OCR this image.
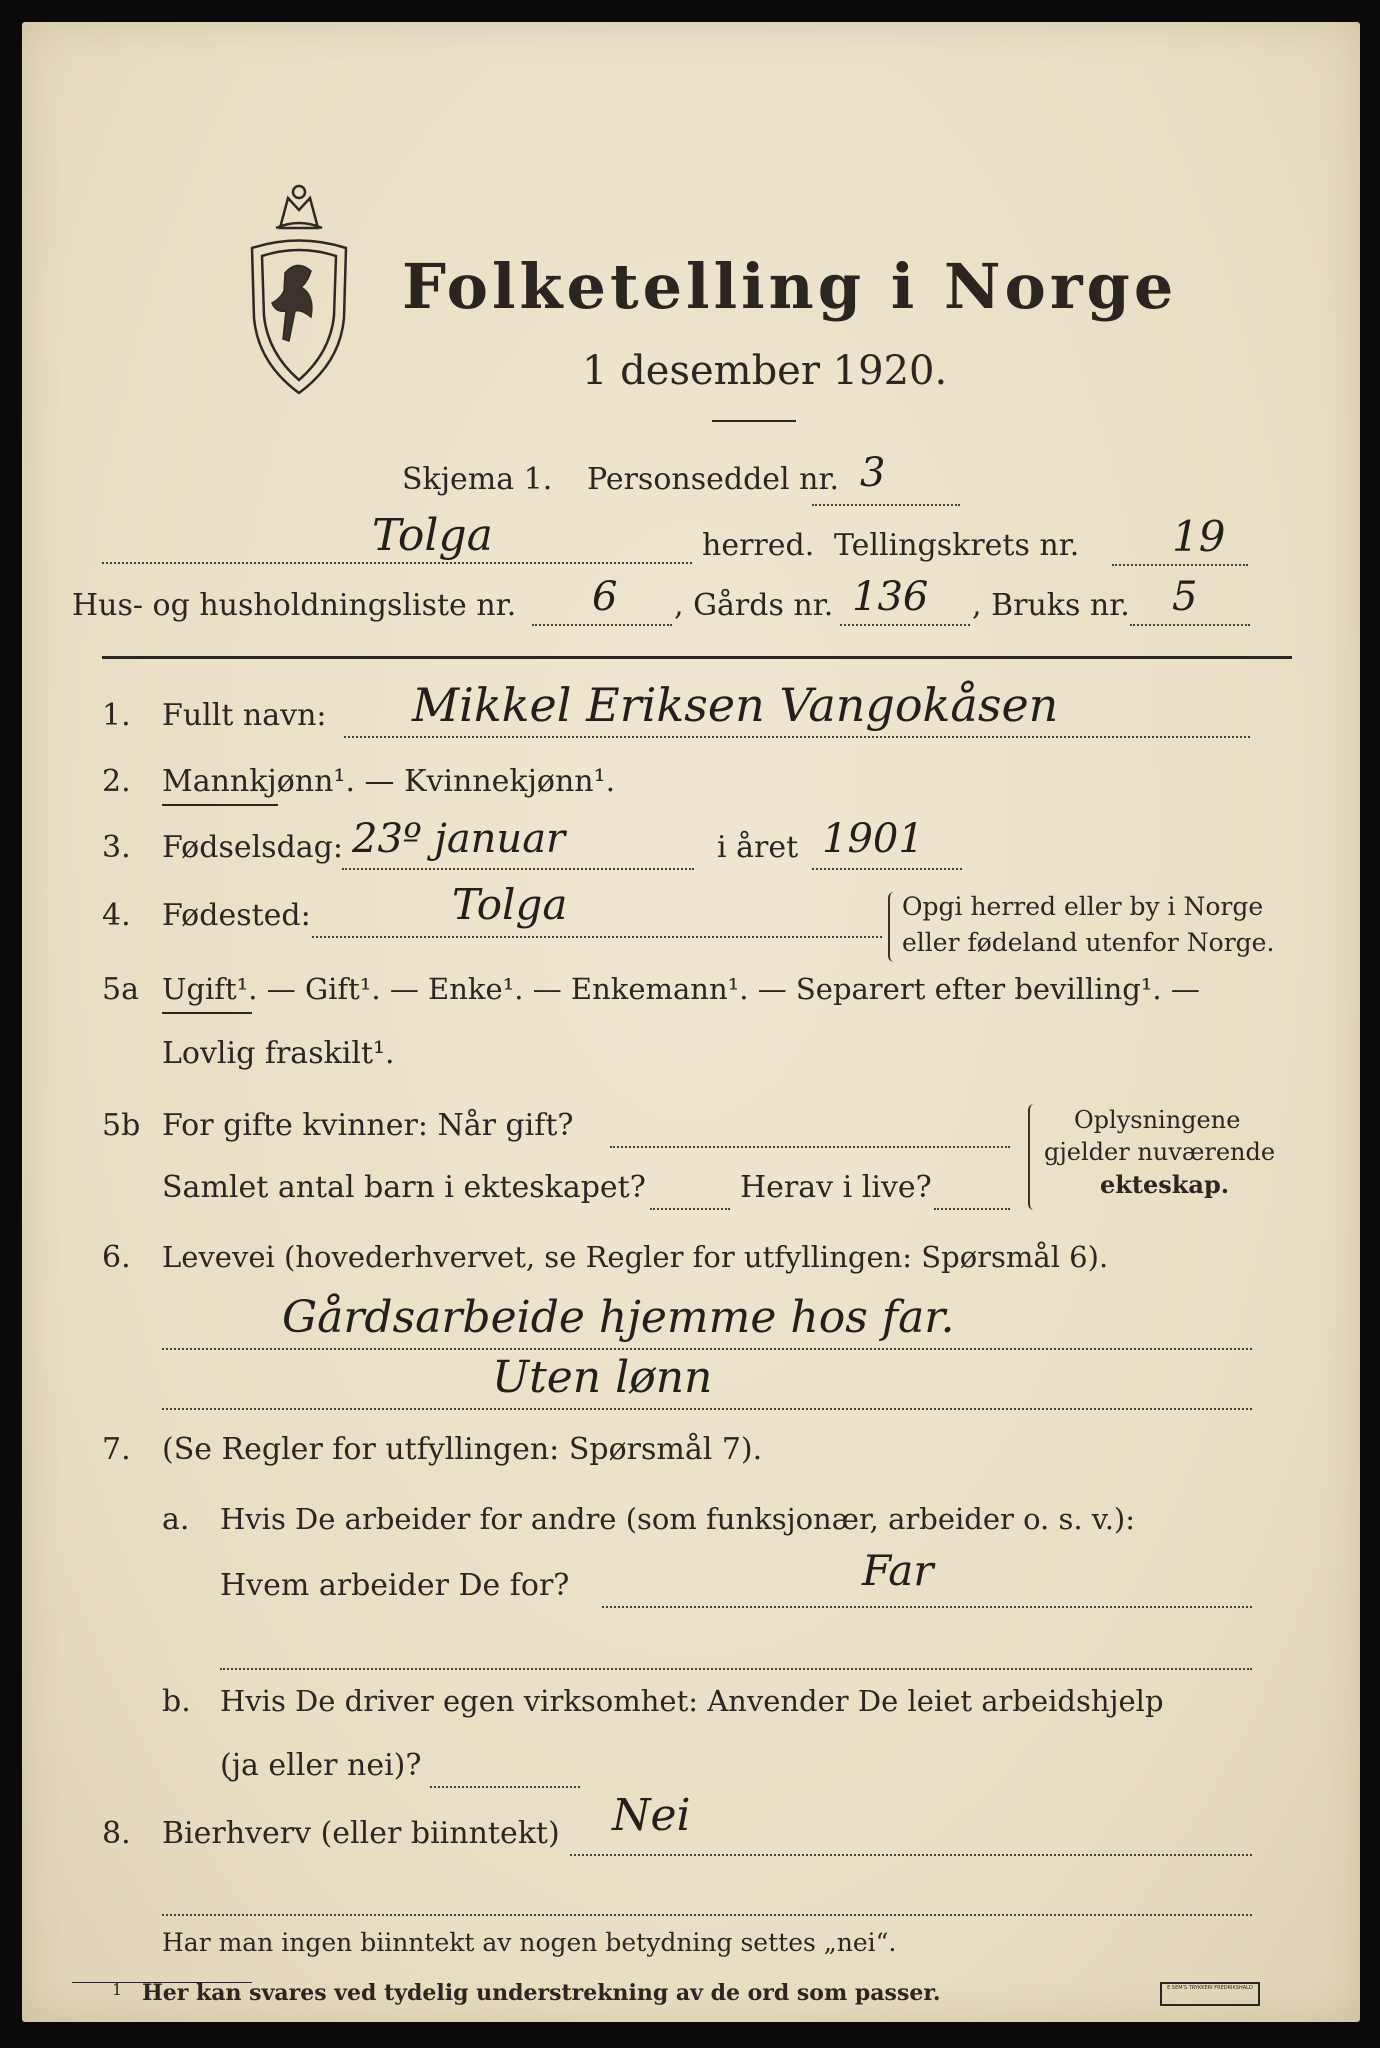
Folketelling i Norge
1 desember 1920.
Skjema 1. Personseddel nr. 3
Tolga	herred. Tellingskrets nr. 19
Hus- og husholdningsliste nr. 6 , Gårds nr. 136 , Bruks nr. 5
1. Fullt navn: Mikkel Eriksen Vangokåsen
2. Mannkjønn¹. — Kvinnekjønn¹.
3. Fødselsdag: 23º januar	i året 1901
4. Fødested:	Tolga	Opgi herred eller by i Norge
eller fødeland utenfor Norge.
5a Ugift¹. — Gift¹. — Enke¹. — Enkemann¹. — Separert efter bevilling¹. —
Lovlig fraskilt¹.
5b For gifte kvinner: Når gift?
Samlet antal barn i ekteskapet?	Herav i live?
Oplysningene
gjelder nuværende
ekteskap.
6. Levevei (hovederhvervet, se Regler for utfyllingen: Spørsmål 6).
Gårdsarbeide hjemme hos far.
Uten lønn
7. (Se Regler for utfyllingen: Spørsmål 7).
a. Hvis De arbeider for andre (som funksjonær, arbeider o. s. v.):
Hvem arbeider De for?	Far
b. Hvis De driver egen virksomhet: Anvender De leiet arbeidshjelp
(ja eller nei)?
8. Bierhverv (eller biinntekt) Nei
Har man ingen biinntekt av nogen betydning settes „nei“.
1 Her kan svares ved tydelig understrekning av de ord som passer.	E.SEM'S TRYKKERI FREDRIKSHALD
